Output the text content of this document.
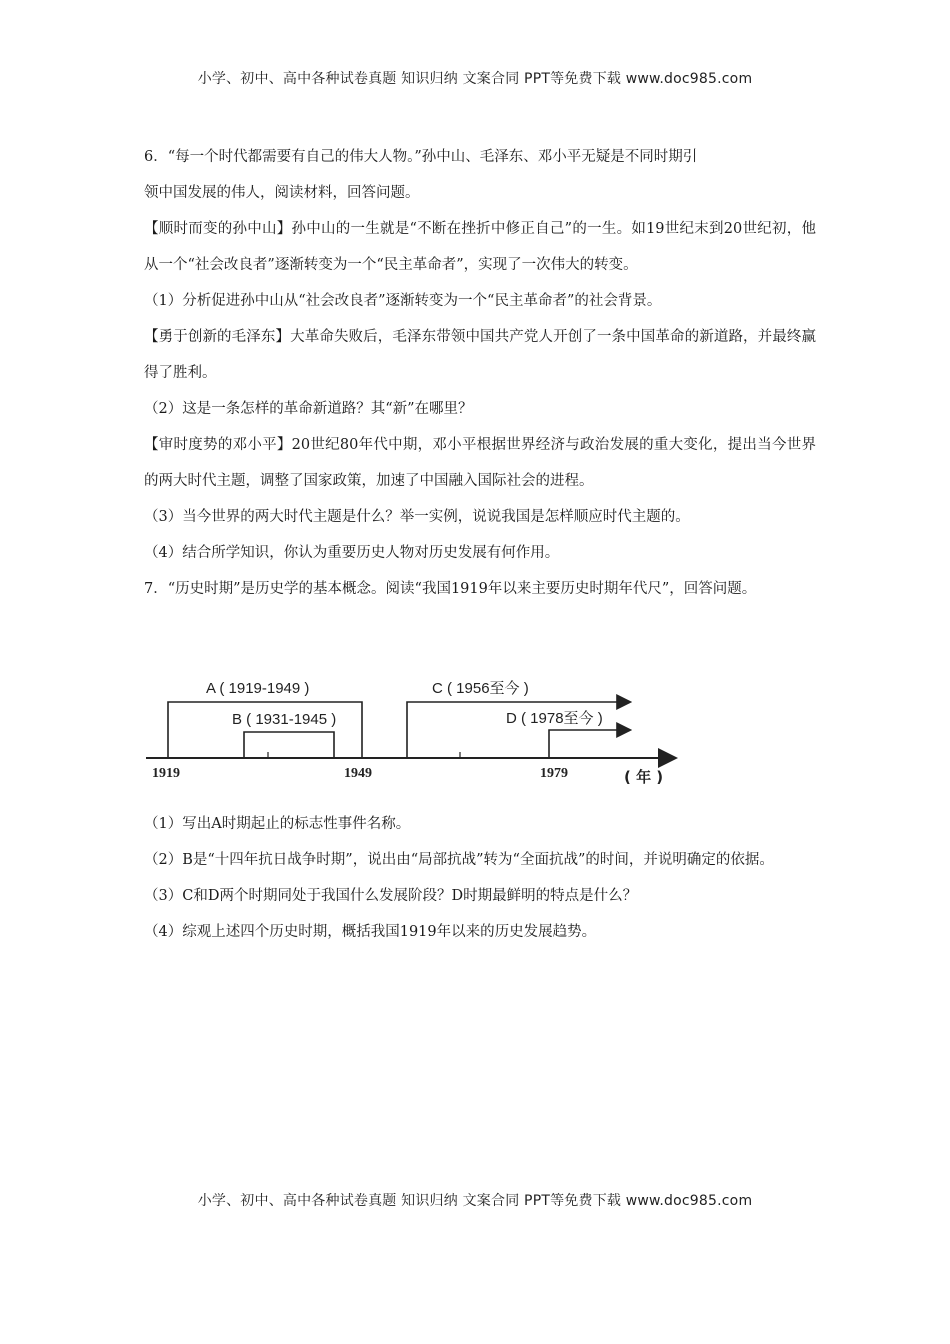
小学、初中、高中各种试卷真题 知识归纳 文案合同 PPT等免费下载 www.doc985.com

6．“每一个时代都需要有自己的伟大人物。”孙中山、毛泽东、邓小平无疑是不同时期引

领中国发展的伟人，阅读材料，回答问题。

【顺时而变的孙中山】孙中山的一生就是“不断在挫折中修正自己”的一生。如19世纪末到20世纪初，他从一个“社会改良者”逐渐转变为一个“民主革命者”，实现了一次伟大的转变。

（1）分析促进孙中山从“社会改良者”逐渐转变为一个“民主革命者”的社会背景。

【勇于创新的毛泽东】大革命失败后，毛泽东带领中国共产党人开创了一条中国革命的新道路，并最终赢得了胜利。

（2）这是一条怎样的革命新道路？其“新”在哪里？

【审时度势的邓小平】20世纪80年代中期，邓小平根据世界经济与政治发展的重大变化，提出当今世界的两大时代主题，调整了国家政策，加速了中国融入国际社会的进程。

（3）当今世界的两大时代主题是什么？举一实例，说说我国是怎样顺应时代主题的。

（4）结合所学知识，你认为重要历史人物对历史发展有何作用。

7．“历史时期”是历史学的基本概念。阅读“我国1919年以来主要历史时期年代尺”，回答问题。

A ( 1919-1949 )
B ( 1931-1945 )
C ( 1956至今 )
D ( 1978至今 )
1919	1949	1979	( 年 )

（1）写出A时期起止的标志性事件名称。

（2）B是“十四年抗日战争时期”，说出由“局部抗战”转为“全面抗战”的时间，并说明确定的依据。

（3）C和D两个时期同处于我国什么发展阶段？D时期最鲜明的特点是什么？

（4）综观上述四个历史时期，概括我国1919年以来的历史发展趋势。

小学、初中、高中各种试卷真题 知识归纳 文案合同 PPT等免费下载 www.doc985.com
